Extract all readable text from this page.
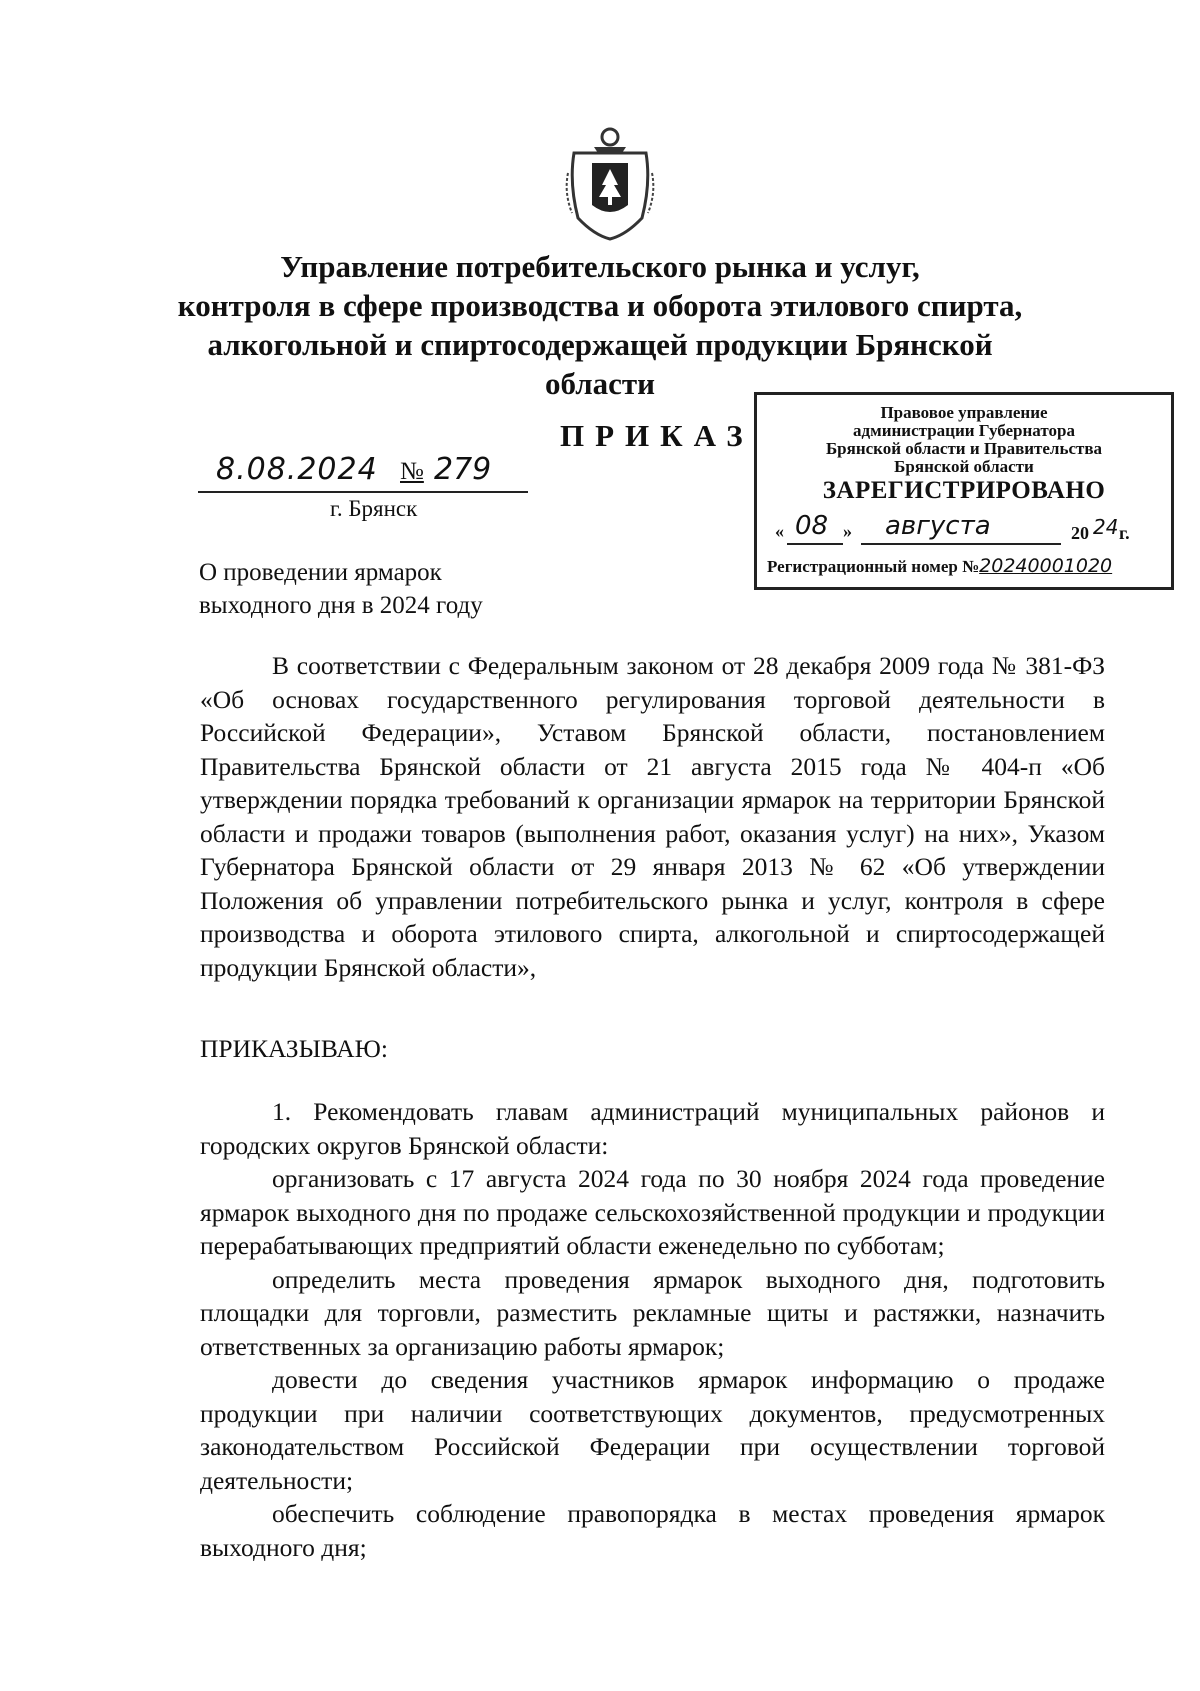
Управление потребительского рынка и услуг,
контроля в сфере производства и оборота этилового спирта,
алкогольной и спиртосодержащей продукции Брянской
области
ПРИКАЗ
Правовое управление
администрации Губернатора
Брянской области и Правительства
Брянской области
ЗАРЕГИСТРИРОВАНО
« 08 » августа	20 24 г.
Регистрационный номер №20240001020
8.08.2024 № 279
г. Брянск
О проведении ярмарок
выходного дня в 2024 году

В соответствии с Федеральным законом от 28 декабря 2009 года № 381-ФЗ «Об основах государственного регулирования торговой деятельности в Российской Федерации», Уставом Брянской области, постановлением Правительства Брянской области от 21 августа 2015 года № 404-п «Об утверждении порядка требований к организации ярмарок на территории Брянской области и продажи товаров (выполнения работ, оказания услуг) на них», Указом Губернатора Брянской области от 29 января 2013 № 62 «Об утверждении Положения об управлении потребительского рынка и услуг, контроля в сфере производства и оборота этилового спирта, алкогольной и спиртосодержащей продукции Брянской области»,

ПРИКАЗЫВАЮ:

1. Рекомендовать главам администраций муниципальных районов и городских округов Брянской области:

организовать с 17 августа 2024 года по 30 ноября 2024 года проведение ярмарок выходного дня по продаже сельскохозяйственной продукции и продукции перерабатывающих предприятий области еженедельно по субботам;

определить места проведения ярмарок выходного дня, подготовить площадки для торговли, разместить рекламные щиты и растяжки, назначить ответственных за организацию работы ярмарок;

довести до сведения участников ярмарок информацию о продаже продукции при наличии соответствующих документов, предусмотренных законодательством Российской Федерации при осуществлении торговой деятельности;

обеспечить соблюдение правопорядка в местах проведения ярмарок выходного дня;
